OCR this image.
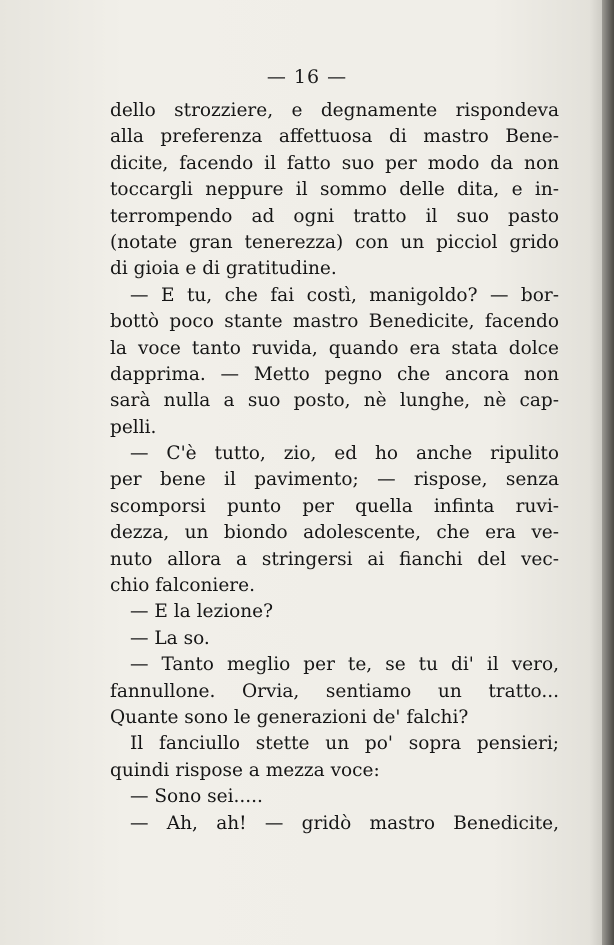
— 16 —
dello strozziere, e degnamente rispondeva
alla preferenza affettuosa di mastro Bene-
dicite, facendo il fatto suo per modo da non
toccargli neppure il sommo delle dita, e in-
terrompendo ad ogni tratto il suo pasto
(notate gran tenerezza) con un picciol grido
di gioia e di gratitudine.
— E tu, che fai costì, manigoldo? — bor-
bottò poco stante mastro Benedicite, facendo
la voce tanto ruvida, quando era stata dolce
dapprima. — Metto pegno che ancora non
sarà nulla a suo posto, nè lunghe, nè cap-
pelli.
— C'è tutto, zio, ed ho anche ripulito
per bene il pavimento; — rispose, senza
scomporsi punto per quella infinta ruvi-
dezza, un biondo adolescente, che era ve-
nuto allora a stringersi ai fianchi del vec-
chio falconiere.
— E la lezione?
— La so.
— Tanto meglio per te, se tu di' il vero,
fannullone. Orvia, sentiamo un tratto...
Quante sono le generazioni de' falchi?
Il fanciullo stette un po' sopra pensieri;
quindi rispose a mezza voce:
— Sono sei.....
— Ah, ah! — gridò mastro Benedicite,
